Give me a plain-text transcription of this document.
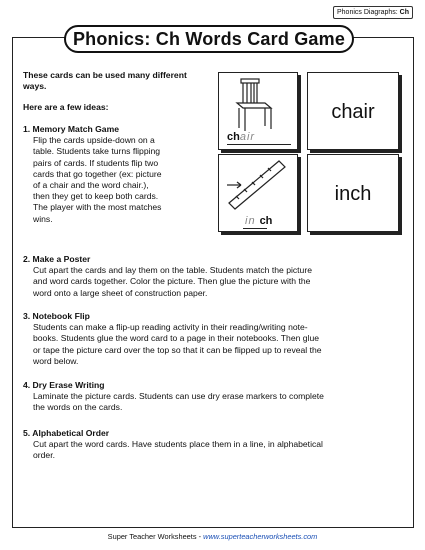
Phonics Diagraphs: Ch
Phonics: Ch Words Card Game
These cards can be used many different ways.
Here are a few ideas:
1. Memory Match Game
Flip the cards upside-down on a
table. Students take turns flipping
pairs of cards. If students flip two
cards that go together (ex: picture
of a chair and the word chair.),
then they get to keep both cards.
The player with the most matches
wins.
chair
chair
in ch
inch
2. Make a Poster
Cut apart the cards and lay them on the table. Students match the picture
and word cards together. Color the picture. Then glue the picture with the
word onto a large sheet of construction paper.
3. Notebook Flip
Students can make a flip-up reading activity in their reading/writing note-
books. Students glue the word card to a page in their notebooks. Then glue
or tape the picture card over the top so that it can be flipped up to reveal the
word below.
4. Dry Erase Writing
Laminate the picture cards. Students can use dry erase markers to complete
the words on the cards.
5. Alphabetical Order
Cut apart the word cards. Have students place them in a line, in alphabetical
order.
Super Teacher Worksheets - www.superteacherworksheets.com
